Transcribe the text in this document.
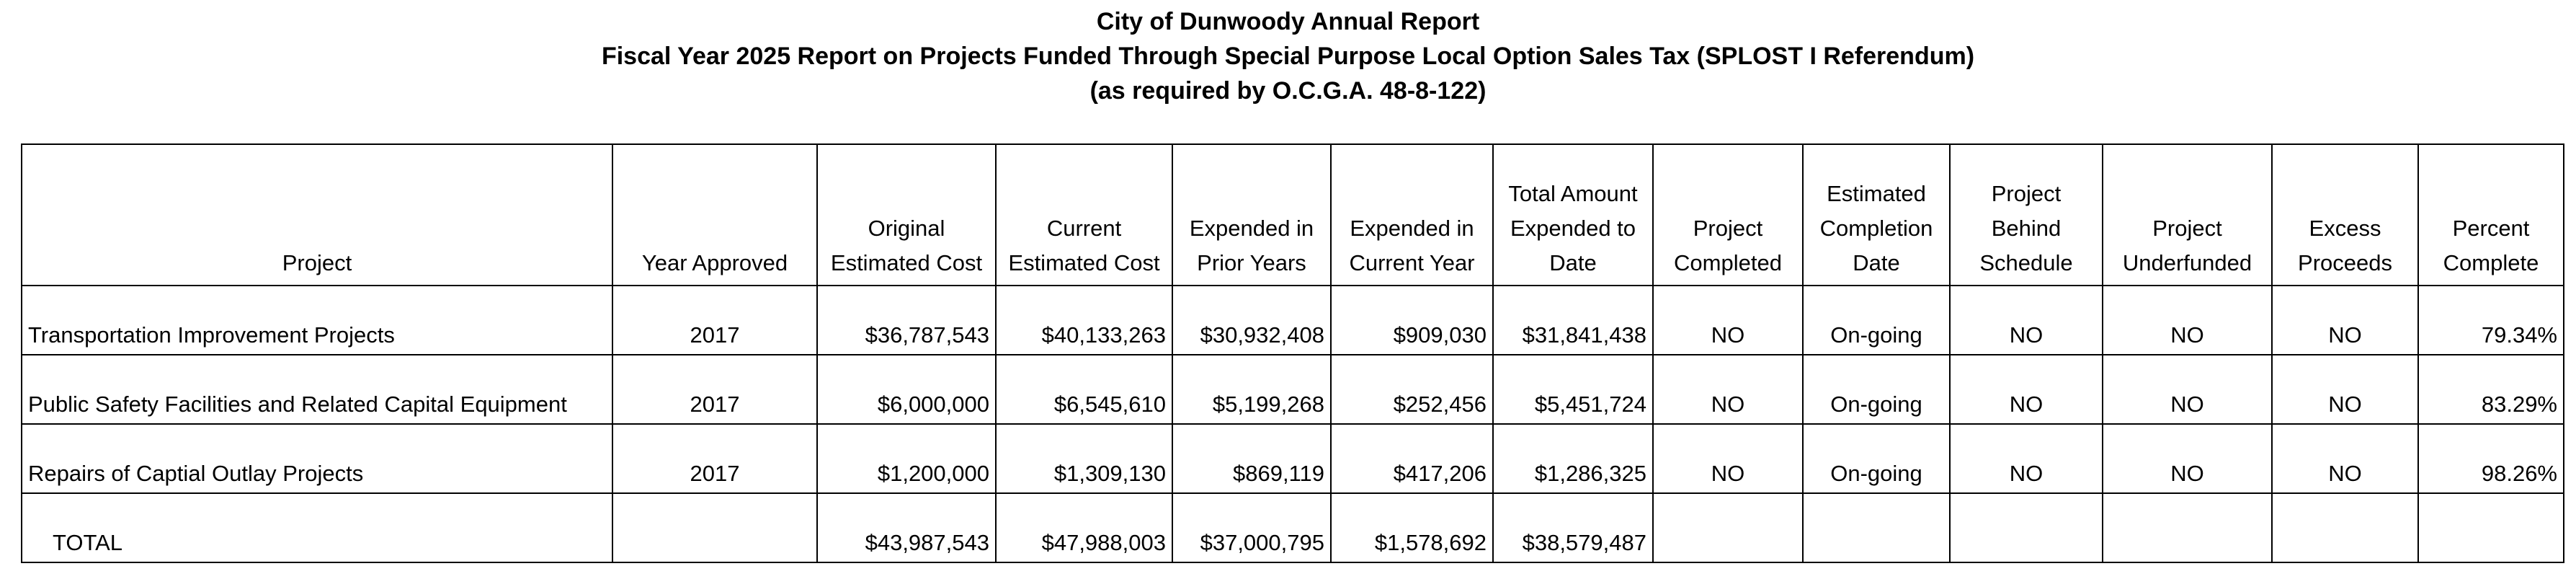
City of Dunwoody Annual Report
Fiscal Year 2025 Report on Projects Funded Through Special Purpose Local Option Sales Tax (SPLOST I Referendum)
(as required by O.C.G.A. 48-8-122)
Project	Year Approved	Original Estimated Cost	Current Estimated Cost	Expended in Prior Years	Expended in Current Year	Total Amount Expended to Date	Project Completed	Estimated Completion Date	Project Behind Schedule	Project Underfunded	Excess Proceeds	Percent Complete
Transportation Improvement Projects	2017	$36,787,543	$40,133,263	$30,932,408	$909,030	$31,841,438	NO	On-going	NO	NO	NO	79.34%
Public Safety Facilities and Related Capital Equipment	2017	$6,000,000	$6,545,610	$5,199,268	$252,456	$5,451,724	NO	On-going	NO	NO	NO	83.29%
Repairs of Captial Outlay Projects	2017	$1,200,000	$1,309,130	$869,119	$417,206	$1,286,325	NO	On-going	NO	NO	NO	98.26%
TOTAL		$43,987,543	$47,988,003	$37,000,795	$1,578,692	$38,579,487						
